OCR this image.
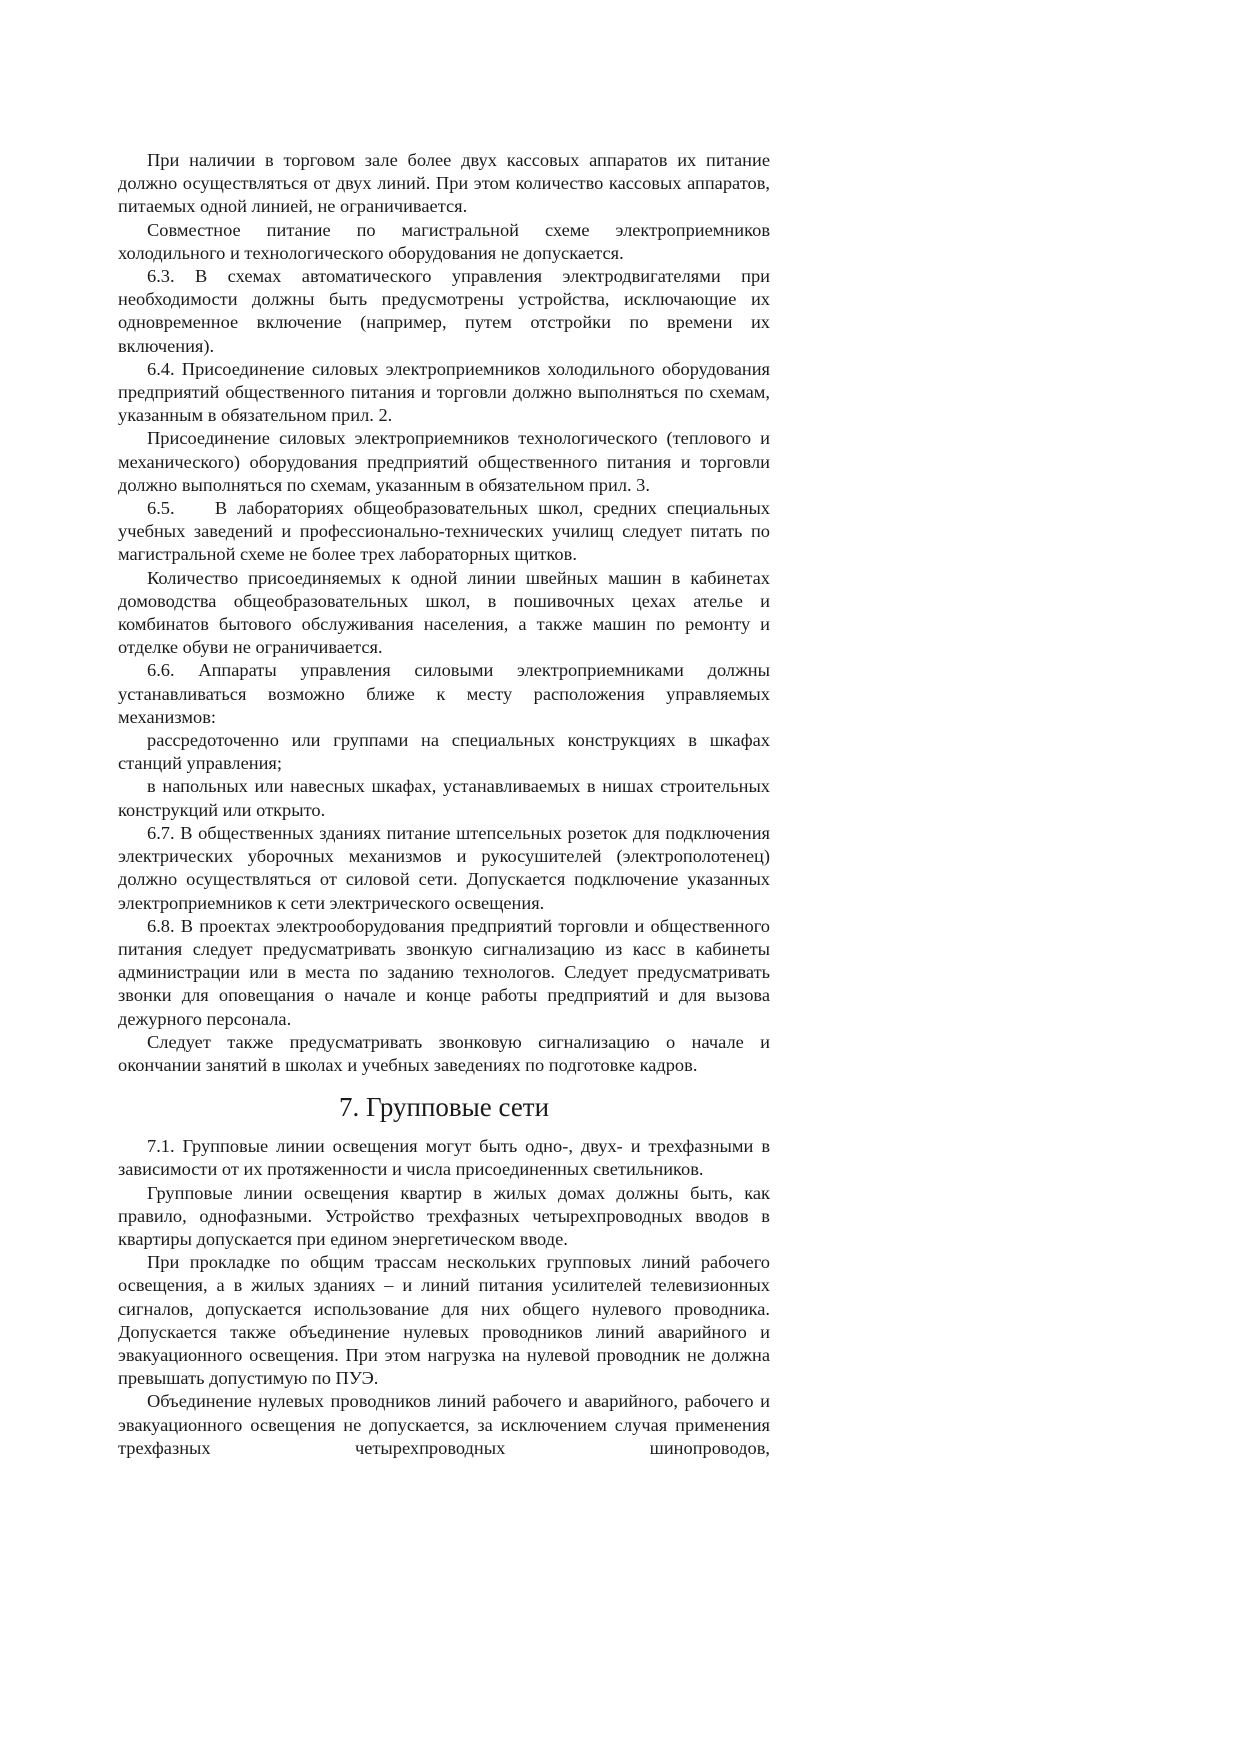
При наличии в торговом зале более двух кассовых аппаратов их питание должно осуществляться от двух линий. При этом количество кассовых аппаратов, питаемых одной линией, не ограничивается.

Совместное питание по магистральной схеме электроприемников холодильного и технологического оборудования не допускается.

6.3. В схемах автоматического управления электродвигателями при необходимости должны быть предусмотрены устройства, исключающие их одновременное включение (например, путем отстройки по времени их включения).

6.4. Присоединение силовых электроприемников холодильного оборудования предприятий общественного питания и торговли должно выполняться по схемам, указанным в обязательном прил. 2.

Присоединение силовых электроприемников технологического (теплового и механического) оборудования предприятий общественного питания и торговли должно выполняться по схемам, указанным в обязательном прил. 3.

6.5.    В лабораториях общеобразовательных школ, средних специальных учебных заведений и профессионально-технических училищ следует питать по магистральной схеме не более трех лабораторных щитков.

Количество присоединяемых к одной линии швейных машин в кабинетах домоводства общеобразовательных школ, в пошивочных цехах ателье и комбинатов бытового обслуживания населения, а также машин по ремонту и отделке обуви не ограничивается.

6.6. Аппараты управления силовыми электроприемниками должны устанавливаться возможно ближе к месту расположения управляемых механизмов:

рассредоточенно или группами на специальных конструкциях в шкафах станций управления;

в напольных или навесных шкафах, устанавливаемых в нишах строительных конструкций или открыто.

6.7. В общественных зданиях питание штепсельных розеток для подключения электрических уборочных механизмов и рукосушителей (электрополотенец) должно осуществляться от силовой сети. Допускается подключение указанных электроприемников к сети электрического освещения.

6.8. В проектах электрооборудования предприятий торговли и общественного питания следует предусматривать звонкую сигнализацию из касс в кабинеты администрации или в места по заданию технологов. Следует предусматривать звонки для оповещания о начале и конце работы предприятий и для вызова дежурного персонала.

Следует также предусматривать звонковую сигнализацию о начале и окончании занятий в школах и учебных заведениях по подготовке кадров.

7. Групповые сети

7.1. Групповые линии освещения могут быть одно-, двух- и трехфазными в зависимости от их протяженности и числа присоединенных светильников.

Групповые линии освещения квартир в жилых домах должны быть, как правило, однофазными. Устройство трехфазных четырехпроводных вводов в квартиры допускается при едином энергетическом вводе.

При прокладке по общим трассам нескольких групповых линий рабочего освещения, а в жилых зданиях – и линий питания усилителей телевизионных сигналов, допускается использование для них общего нулевого проводника. Допускается также объединение нулевых проводников линий аварийного и эвакуационного освещения. При этом нагрузка на нулевой проводник не должна превышать допустимую по ПУЭ.

Объединение нулевых проводников линий рабочего и аварийного, рабочего и эвакуационного освещения не допускается, за исключением случая применения трехфазных четырехпроводных шинопроводов,
